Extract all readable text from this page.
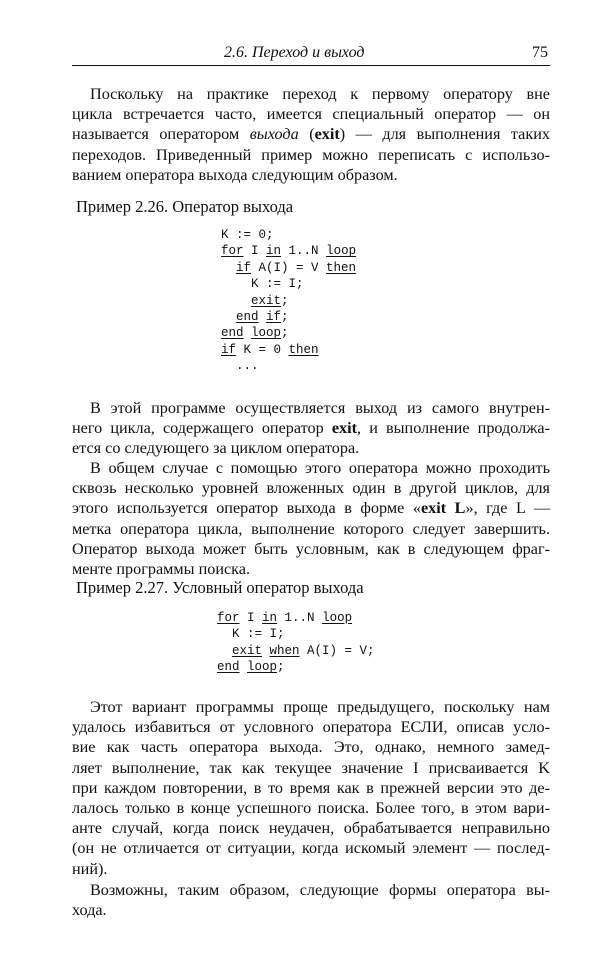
2.6. Переход и выход	75
Поскольку на практике переход к первому оператору вне
цикла встречается часто, имеется специальный оператор — он
называется оператором выхода (exit) — для выполнения таких
переходов. Приведенный пример можно переписать с использо-
ванием оператора выхода следующим образом.
Пример 2.26. Оператор выхода
K := 0;
for I in 1..N loop
if A(I) = V then
K := I;
exit;
end if;
end loop;
if K = 0 then
...
В этой программе осуществляется выход из самого внутрен-
него цикла, содержащего оператор exit, и выполнение продолжа-
ется со следующего за циклом оператора.
В общем случае с помощью этого оператора можно проходить
сквозь несколько уровней вложенных один в другой циклов, для
этого используется оператор выхода в форме «exit L», где L —
метка оператора цикла, выполнение которого следует завершить.
Оператор выхода может быть условным, как в следующем фраг-
менте программы поиска.
Пример 2.27. Условный оператор выхода
for I in 1..N loop
K := I;
exit when A(I) = V;
end loop;
Этот вариант программы проще предыдущего, поскольку нам
удалось избавиться от условного оператора ЕСЛИ, описав усло-
вие как часть оператора выхода. Это, однако, немного замед-
ляет выполнение, так как текущее значение I присваивается K
при каждом повторении, в то время как в прежней версии это де-
лалось только в конце успешного поиска. Более того, в этом вари-
анте случай, когда поиск неудачен, обрабатывается неправильно
(он не отличается от ситуации, когда искомый элемент — послед-
ний).
Возможны, таким образом, следующие формы оператора вы-
хода.
